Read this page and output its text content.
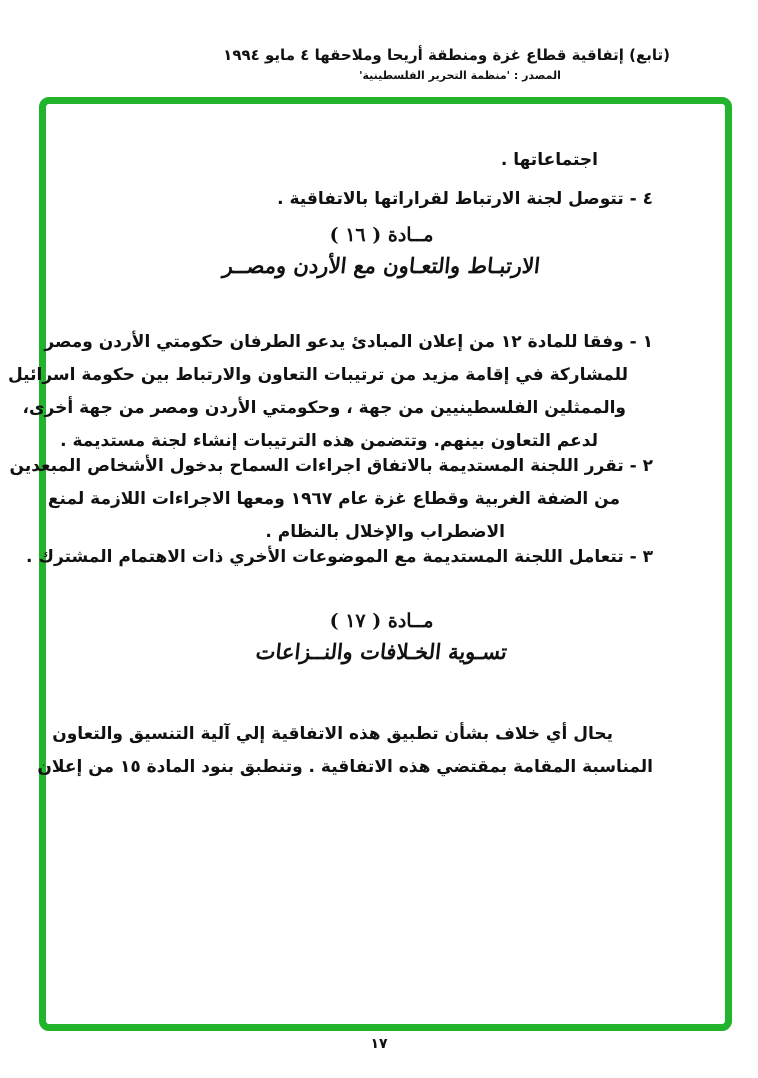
(تابع) إتفاقية قطاع غزة ومنطقة أريحا وملاحقها ٤ مايو ١٩٩٤
المصدر : 'منظمة التحرير الفلسطينية'
اجتماعاتها .
٤ - تتوصل لجنة الارتباط لقراراتها بالاتفاقية .
مــادة ( ١٦ )
الارتبـاط والتعـاون مع الأردن ومصــر
١ - وفقا للمادة ١٢ من إعلان المبادئ يدعو الطرفان حكومتي الأردن ومصر
للمشاركة في إقامة مزيد من ترتيبات التعاون والارتباط بين حكومة اسرائيل
والممثلين الفلسطينيين من جهة ، وحكومتي الأردن ومصر من جهة أخرى،
لدعم التعاون بينهم. وتتضمن هذه الترتيبات إنشاء لجنة مستديمة .
٢ - تقرر اللجنة المستديمة بالاتفاق اجراءات السماح بدخول الأشخاص المبعدين
من الضفة الغربية وقطاع غزة عام ١٩٦٧ ومعها الاجراءات اللازمة لمنع
الاضطراب والإخلال بالنظام .
٣ - تتعامل اللجنة المستديمة مع الموضوعات الأخري ذات الاهتمام المشترك .
مــادة ( ١٧ )
تسـوية الخـلافات والنــزاعات
يحال أي خلاف بشأن تطبيق هذه الاتفاقية إلي آلية التنسيق والتعاون
المناسبة المقامة بمقتضي هذه الاتفاقية . وتنطبق بنود المادة ١٥ من إعلان
١٧
